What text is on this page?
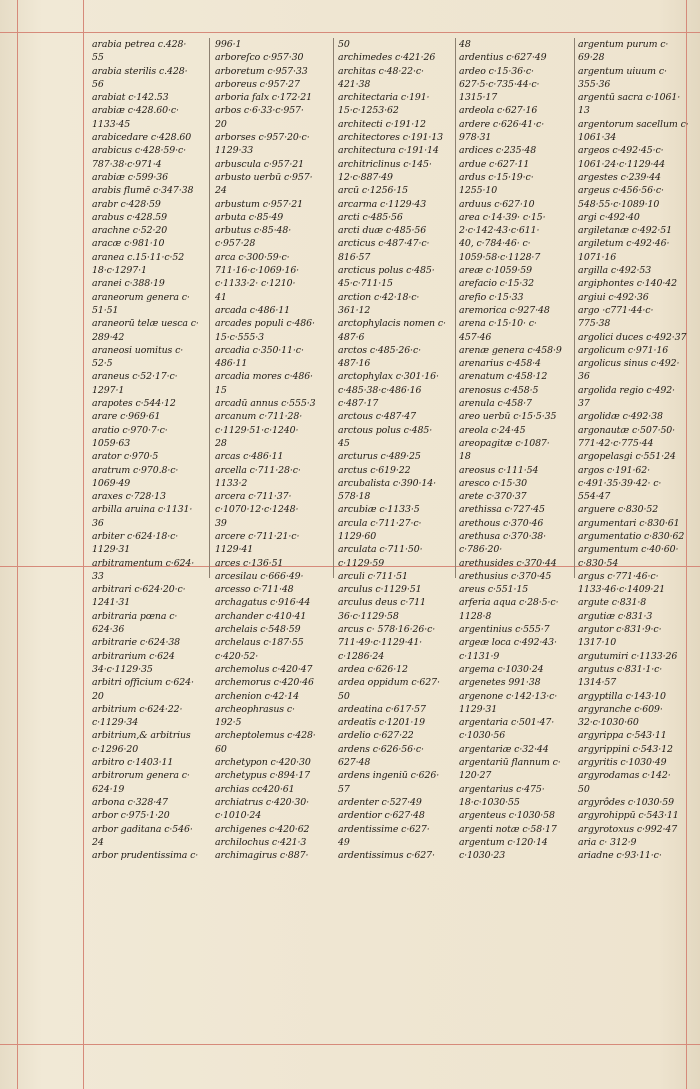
arabia petrea c.428·
55
arabia sterilis c.428·
56
arabiat c·142.53
arabiæ c·428.60·c·
1133·45
arabicedare c·428.60
arabicus c·428·59·c·
787·38·c·971·4
arabiæ c·599·36
arabis flumē c·347·38
arabr c·428·59
arabus c·428.59
arachne c·52·20
aracæ c·981·10
aranea c.15·11·c·52
18·c·1297·1
aranei c·388·19
araneorum genera c·
51·51
araneorū telæ uesca c·
289·42
araneosi uomitus c·
52·5
araneus c·52·17·c·
1297·1
arapotes c·544·12
arare c·969·61
aratio c·970·7·c·
1059·63
arator c·970·5
aratrum c·970.8·c·
1069·49
araxes c·728·13
arbilla aruina c·1131·
36
arbiter c·624·18·c·
1129·31
arbitramentum c·624·
33
arbitrari c·624·20·c·
1241·31
arbitraria pœna c·
624·36
arbitrarie c·624·38
arbitrarium c·624
34·c·1129·35
arbitri officium c·624·
20
arbitrium c·624·22·
c·1129·34
arbitrium,& arbitrius
c·1296·20
arbitro c·1403·11
arbitrorum genera c·
624·19
arbona c·328·47
arbor c·975·1·20
arbor gaditana c·546·
24
arbor prudentissima c·
996·1
arboreſco c·957·30
arboretum c·957·33
arboreus c·957·27
arboria falx c·172·21
arbos c·6·33·c·957·
20
arborses c·957·20·c·
1129·33
arbuscula c·957·21
arbusto uerbū c·957·
24
arbustum c·957·21
arbuta c·85·49
arbutus c·85·48·
c·957·28
arca c·300·59·c·
711·16·c·1069·16·
c·1133·2· c·1210·
41
arcada c·486·11
arcades populi c·486·
15·c·555·3
arcadia c·350·11·c·
486·11
arcadia mores c·486·
15
arcadū annus c·555·3
arcanum c·711·28·
c·1129·51·c·1240·
28
arcas c·486·11
arcella c·711·28·c·
1133·2
arcera c·711·37·
c·1070·12·c·1248·
39
arcere c·711·21·c·
1129·41
arces c·136·51
arcesilau c·666·49·
arcesso c·711·48
archagatus c·916·44
archander c·410·41
archelais c·548·59
archelaus c·187·55
c·420·52·
archemolus c·420·47
archemorus c·420·46
archenion c·42·14
archeophrasus c·
192·5
archeptolemus c·428·
60
archetypon c·420·30
archetypus c·894·17
archias cc420·61
archiatrus c·420·30·
c·1010·24
archigenes c·420·62
archilochus c·421·3
archimagirus c·887·
50
archimedes c·421·26
architas c·48·22·c·
421·38
architectaria c·191·
15·c·1253·62
architecti c·191·12
architectores c·191·13
architectura c·191·14
architriclinus c·145·
12·c·887·49
arcū c·1256·15
arcarma c·1129·43
arcti c·485·56
arcti duæ c·485·56
arcticus c·487·47·c·
816·57
arcticus polus c·485·
45·c·711·15
arction c·42·18·c·
361·12
arctophylacis nomen c·
487·6
arctos c·485·26·c·
487·16
arctophylax c·301·16·
c·485·38·c·486·16
c·487·17
arctous c·487·47
arctous polus c·485·
45
arcturus c·489·25
arctus c·619·22
arcubalista c·390·14·
578·18
arcubiæ c·1133·5
arcula c·711·27·c·
1129·60
arculata c·711·50·
c·1129·59
arculi c·711·51
arculus c·1129·51
arculus deus c·711
36·c·1129·58
arcus c· 578·16·26·c·
711·49·c·1129·41·
c·1286·24
ardea c·626·12
ardea oppidum c·627·
50
ardeatina c·617·57
ardeatīs c·1201·19
ardelio c·627·22
ardens c·626·56·c·
627·48
ardens ingeniū c·626·
57
ardenter c·527·49
ardentior c·627·48
ardentissime c·627·
49
ardentissimus c·627·
48
ardentius c·627·49
ardeo c·15·36·c·
627·5·c·735·44·c·
1315·17
ardeola c·627·16
ardere c·626·41·c·
978·31
ardices c·235·48
ardue c·627·11
ardus c·15·19·c·
1255·10
arduus c·627·10
area c·14·39· c·15·
2·c·142·43·c·611·
40, c·784·46· c·
1059·58·c·1128·7
areæ c·1059·59
arefacio c·15·32
arefio c·15·33
aremorica c·927·48
arena c·15·10· c·
457·46
arenæ genera c·458·9
arenarius c·458·4
arenatum c·458·12
arenosus c·458·5
arenula c·458·7
areo uerbū c·15·5·35
areola c·24·45
areopagitæ c·1087·
18
areosus c·111·54
aresco c·15·30
arete c·370·37
arethissa c·727·45
arethous c·370·46
arethusa c·370·38·
c·786·20·
arethusides c·370·44
arethusius c·370·45
areus c·551·15
arferia aqua c·28·5·c·
1128·8
argentinius c·555·7
argeæ loca c·492·43·
c·1131·9
argema c·1030·24
argenetes 991·38
argenone c·142·13·c·
1129·31
argentaria c·501·47·
c·1030·56
argentariæ c·32·44
argentariū flannum c·
120·27
argentarius c·475·
18·c·1030·55
argenteus c·1030·58
argenti notæ c·58·17
argentum c·120·14
c·1030·23
argentum purum c·
69·28
argentum uiuum c·
355·36
argentū sacra c·1061·
13
argentorum sacellum c·
1061·34
argeos c·492·45·c·
1061·24·c·1129·44
argestes c·239·44
argeus c·456·56·c·
548·55·c·1089·10
argi c·492·40
argiletanæ c·492·51
argiletum c·492·46·
1071·16
argilla c·492·53
argiphontes c·140·42
argiui c·492·36
argo ·c771·44·c·
775·38
argolici duces c·492·37
argolicum c·971·16
argolicus sinus c·492·
36
argolida regio c·492·
37
argolidæ c·492·38
argonautæ c·507·50·
771·42·c·775·44
argopelasgi c·551·24
argos c·191·62·
c·491·35·39·42· c·
554·47
arguere c·830·52
argumentari c·830·61
argumentatio c·830·62
argumentum c·40·60·
c·830·54
argus c·771·46·c·
1133·46·c·1409·21
argute c·831·8
argutiæ c·831·3
argutor c·831·9·c·
1317·10
argutumiri c·1133·26
argutus c·831·1·c·
1314·57
argyptilla c·143·10
argyranche c·609·
32·c·1030·60
argyrippa c·543·11
argyrippini c·543·12
argyritis c·1030·49
argyrodamas c·142·
50
argyrôdes c·1030·59
argyrohippū c·543·11
argyrotoxus c·992·47
aria c· 312·9
ariadne c·93·11·c·
